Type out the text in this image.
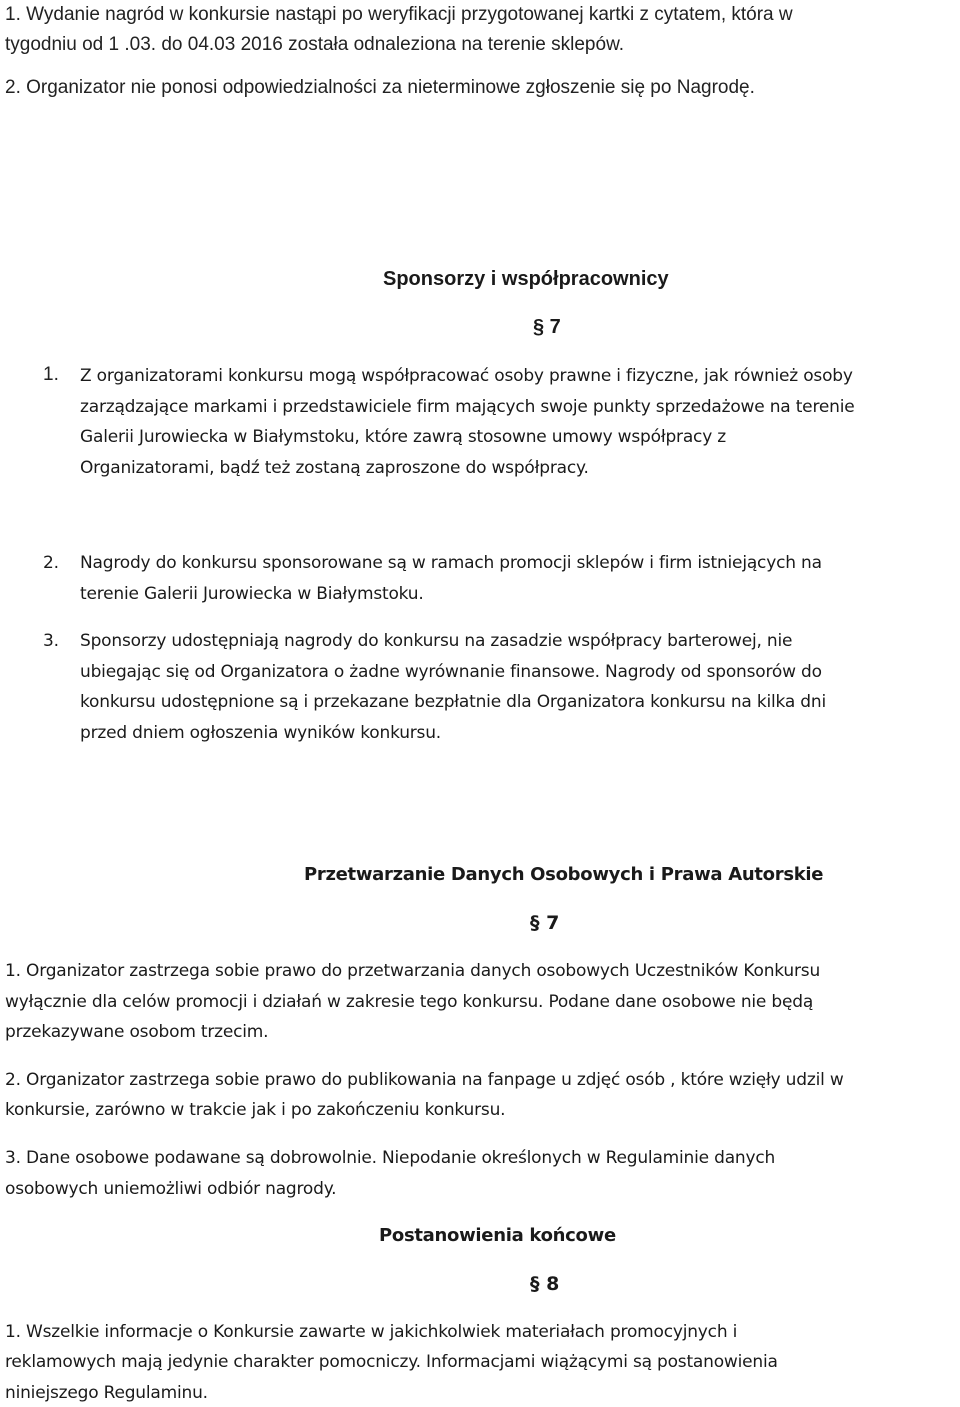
1. Wydanie nagród w konkursie nastąpi po weryfikacji przygotowanej kartki z cytatem, która w

tygodniu od 1 .03. do 04.03 2016 została odnaleziona na terenie sklepów.

2. Organizator nie ponosi odpowiedzialności za nieterminowe zgłoszenie się po Nagrodę.

Sponsorzy i współpracownicy

§ 7

1. Z organizatorami konkursu mogą współpracować osoby prawne i fizyczne, jak również osoby

zarządzające markami i przedstawiciele firm mających swoje punkty sprzedażowe na terenie

Galerii Jurowiecka w Białymstoku, które zawrą stosowne umowy współpracy z

Organizatorami, bądź też zostaną zaproszone do współpracy.

2. Nagrody do konkursu sponsorowane są w ramach promocji sklepów i firm istniejących na

terenie Galerii Jurowiecka w Białymstoku.

3. Sponsorzy udostępniają nagrody do konkursu na zasadzie współpracy barterowej, nie

ubiegając się od Organizatora o żadne wyrównanie finansowe. Nagrody od sponsorów do

konkursu udostępnione są i przekazane bezpłatnie dla Organizatora konkursu na kilka dni

przed dniem ogłoszenia wyników konkursu.

Przetwarzanie Danych Osobowych i Prawa Autorskie

§ 7

1. Organizator zastrzega sobie prawo do przetwarzania danych osobowych Uczestników Konkursu

wyłącznie dla celów promocji i działań w zakresie tego konkursu. Podane dane osobowe nie będą

przekazywane osobom trzecim.

2. Organizator zastrzega sobie prawo do publikowania na fanpage u zdjęć osób , które wzięły udzil w

konkursie, zarówno w trakcie jak i po zakończeniu konkursu.

3. Dane osobowe podawane są dobrowolnie. Niepodanie określonych w Regulaminie danych

osobowych uniemożliwi odbiór nagrody.

Postanowienia końcowe

§ 8

1. Wszelkie informacje o Konkursie zawarte w jakichkolwiek materiałach promocyjnych i

reklamowych mają jedynie charakter pomocniczy. Informacjami wiążącymi są postanowienia

niniejszego Regulaminu.
